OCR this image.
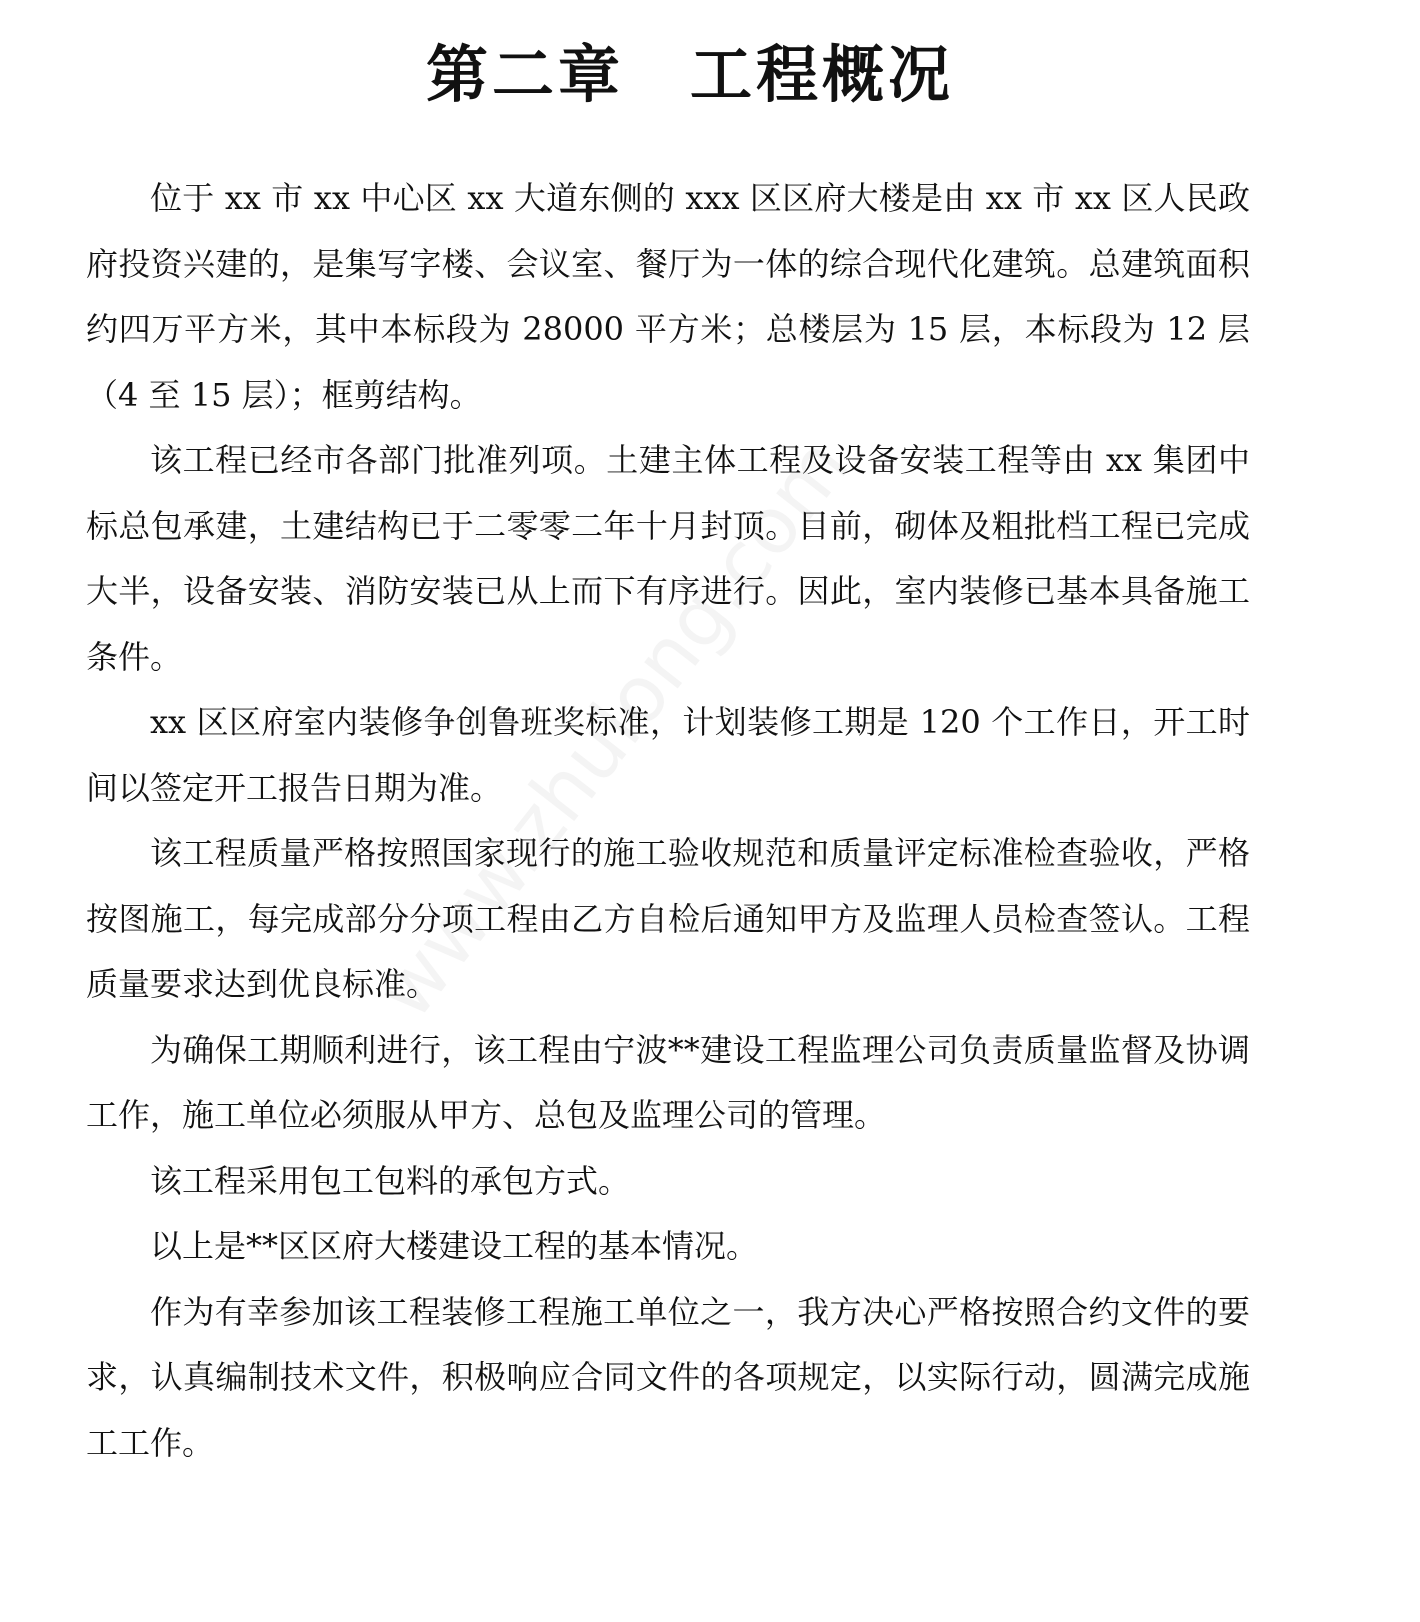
第二章　工程概况

位于 xx 市 xx 中心区 xx 大道东侧的 xxx 区区府大楼是由 xx 市 xx 区人民政府投资兴建的，是集写字楼、会议室、餐厅为一体的综合现代化建筑。总建筑面积约四万平方米，其中本标段为 28000 平方米；总楼层为 15 层，本标段为 12 层（4 至 15 层）；框剪结构。

该工程已经市各部门批准列项。土建主体工程及设备安装工程等由 xx 集团中标总包承建，土建结构已于二零零二年十月封顶。目前，砌体及粗批档工程已完成大半，设备安装、消防安装已从上而下有序进行。因此，室内装修已基本具备施工条件。

xx 区区府室内装修争创鲁班奖标准，计划装修工期是 120 个工作日，开工时间以签定开工报告日期为准。

该工程质量严格按照国家现行的施工验收规范和质量评定标准检查验收，严格按图施工，每完成部分分项工程由乙方自检后通知甲方及监理人员检查签认。工程质量要求达到优良标准。

为确保工期顺利进行，该工程由宁波**建设工程监理公司负责质量监督及协调工作，施工单位必须服从甲方、总包及监理公司的管理。

该工程采用包工包料的承包方式。

以上是**区区府大楼建设工程的基本情况。

作为有幸参加该工程装修工程施工单位之一，我方决心严格按照合约文件的要求，认真编制技术文件，积极响应合同文件的各项规定，以实际行动，圆满完成施工工作。
